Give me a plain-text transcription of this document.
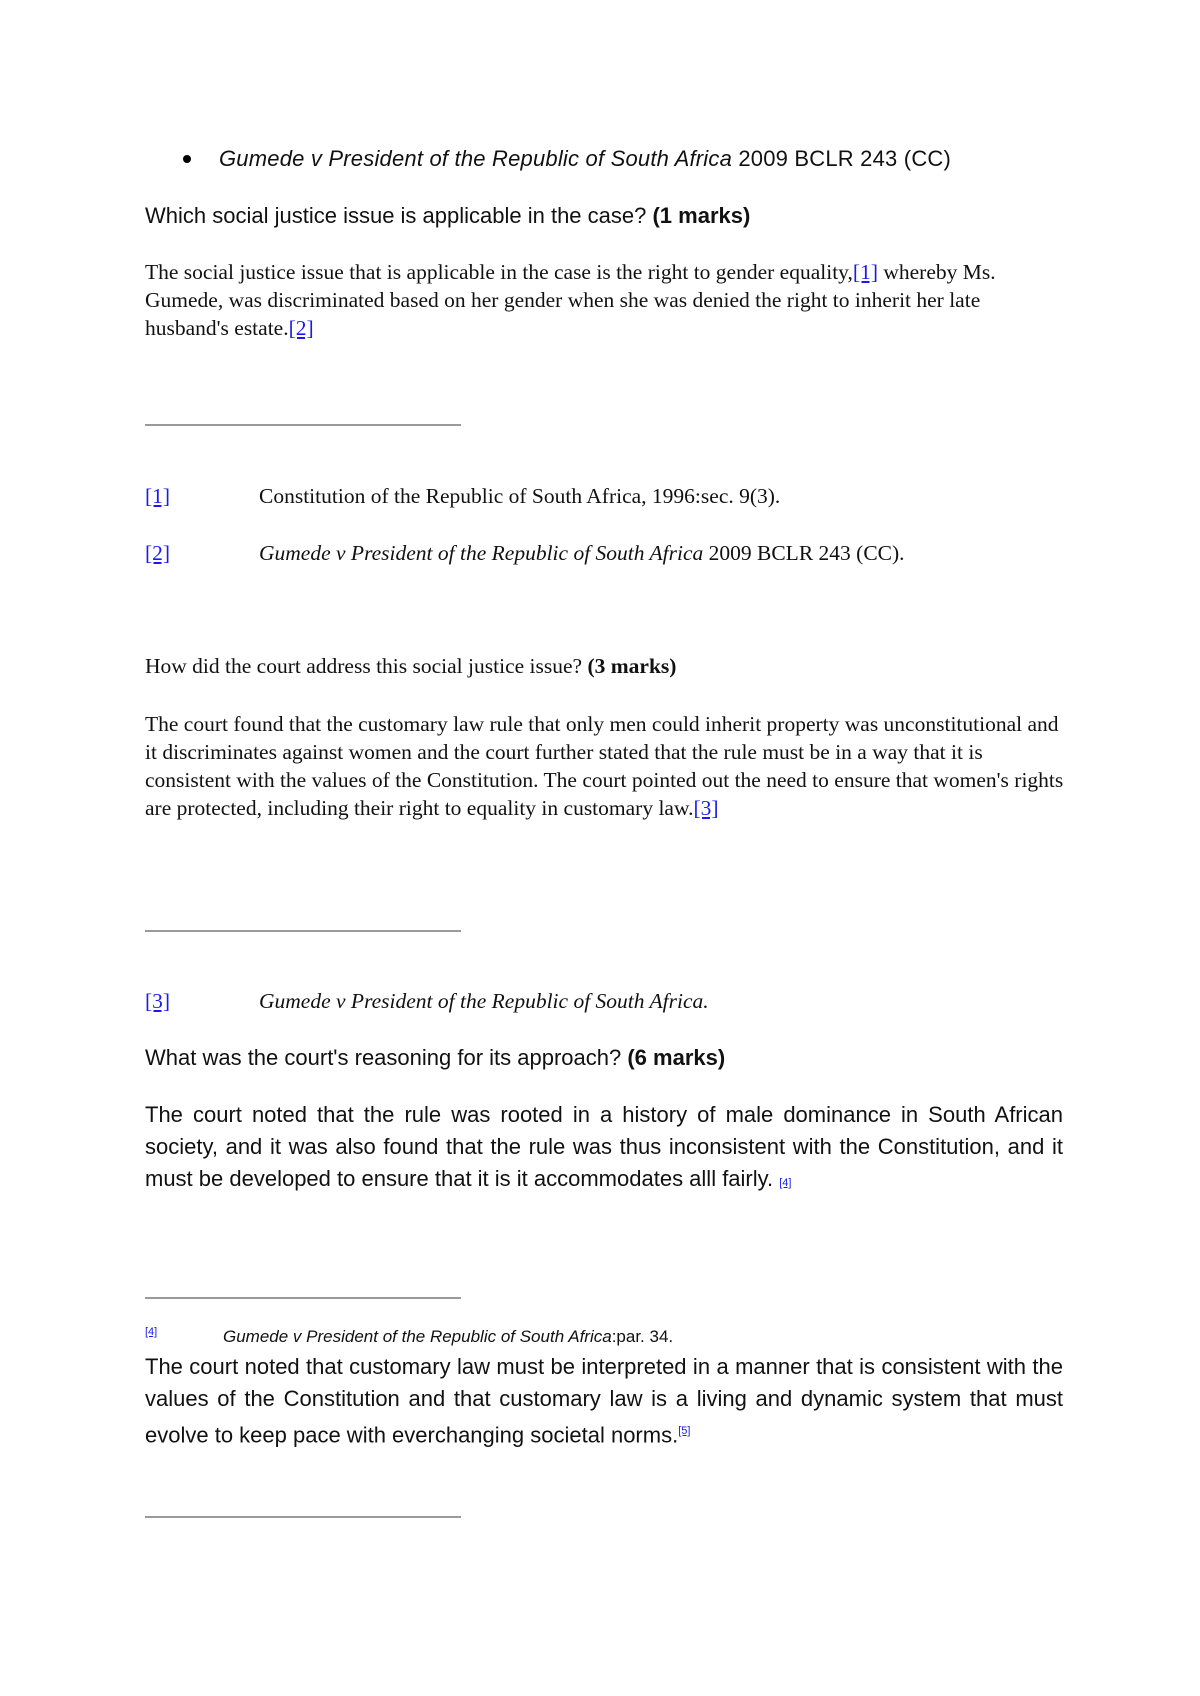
Gumede v President of the Republic of South Africa 2009 BCLR 243 (CC)

Which social justice issue is applicable in the case? (1 marks)

The social justice issue that is applicable in the case is the right to gender equality,[1] whereby Ms. Gumede, was discriminated based on her gender when she was denied the right to inherit her late husband's estate.[2]

[1]	Constitution of the Republic of South Africa, 1996:sec. 9(3).

[2]	Gumede v President of the Republic of South Africa 2009 BCLR 243 (CC).

How did the court address this social justice issue? (3 marks)

The court found that the customary law rule that only men could inherit property was unconstitutional and it discriminates against women and the court further stated that the rule must be in a way that it is consistent with the values of the Constitution. The court pointed out the need to ensure that women's rights are protected, including their right to equality in customary law.[3]

[3]	Gumede v President of the Republic of South Africa.

What was the court's reasoning for its approach? (6 marks)

The court noted that the rule was rooted in a history of male dominance in South African society, and it was also found that the rule was thus inconsistent with the Constitution, and it must be developed to ensure that it is it accommodates alll fairly. [4]

[4]	Gumede v President of the Republic of South Africa:par. 34.

The court noted that customary law must be interpreted in a manner that is consistent with the values of the Constitution and that customary law is a living and dynamic system that must evolve to keep pace with everchanging societal norms.[5]
